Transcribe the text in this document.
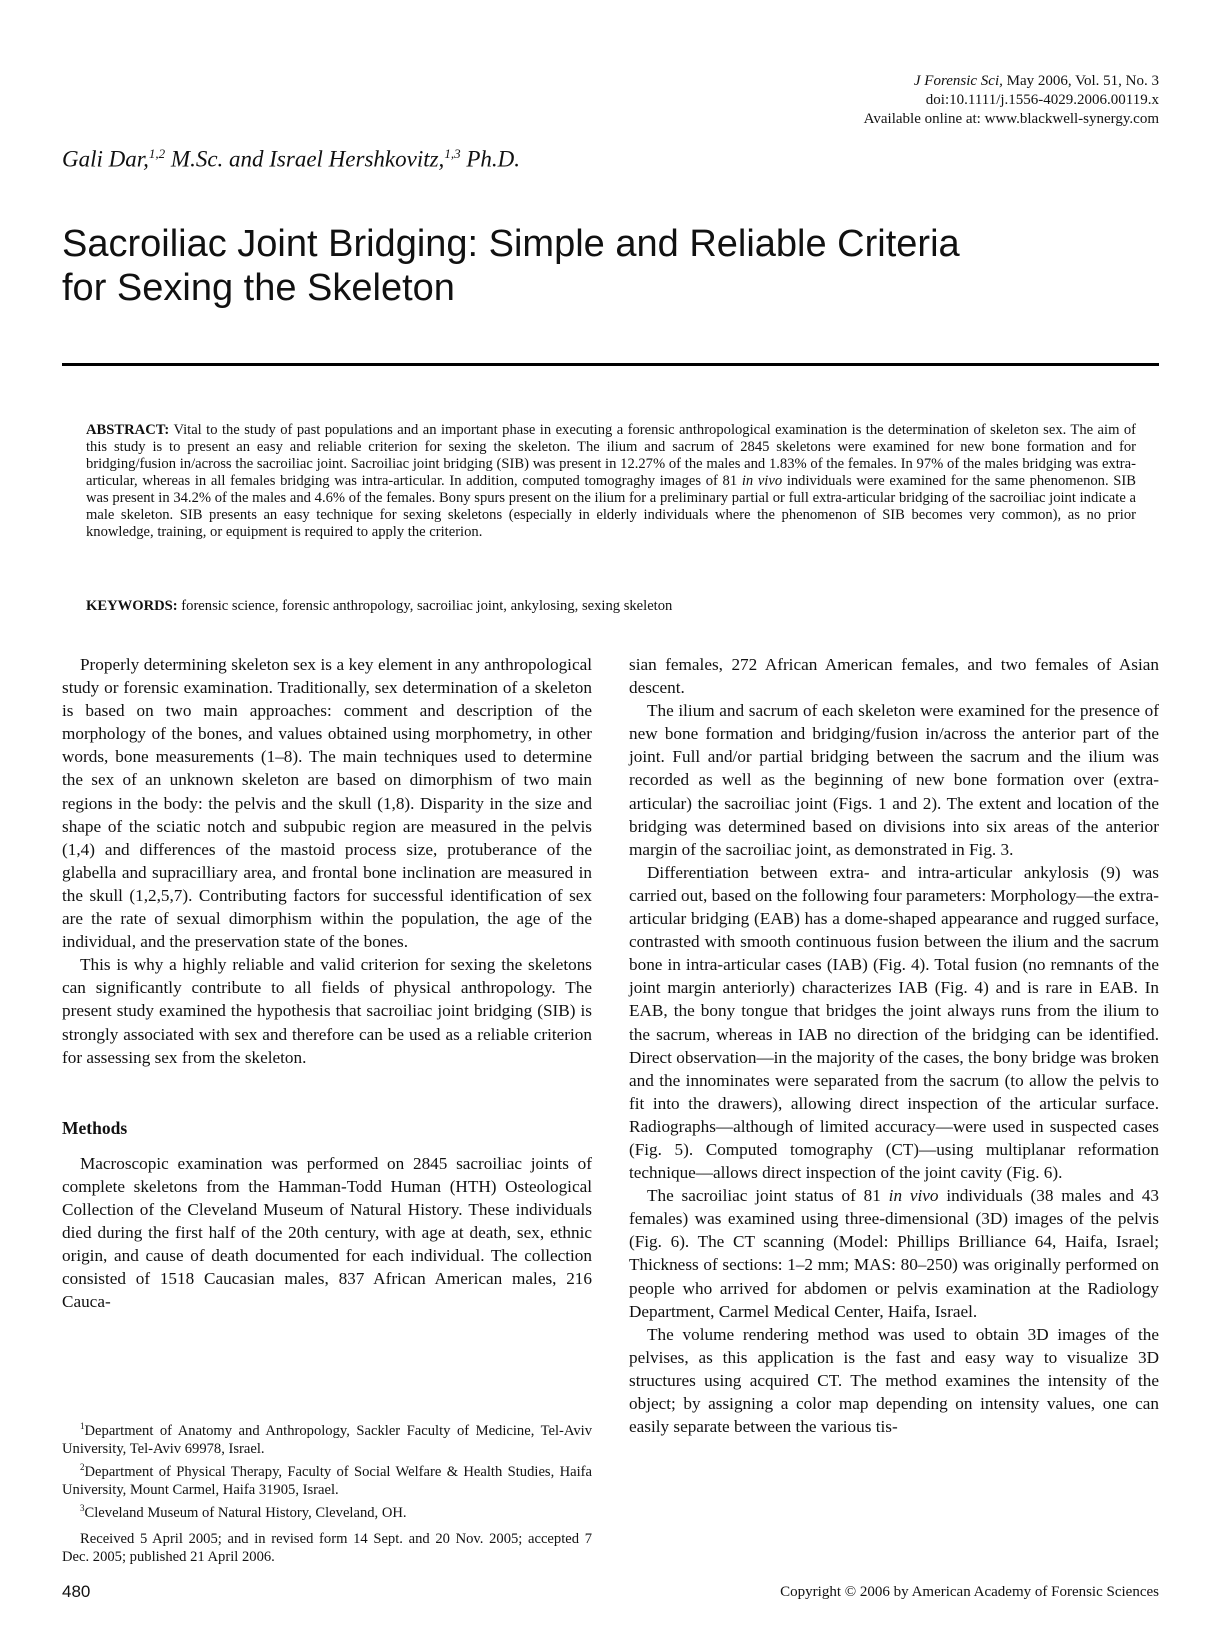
J Forensic Sci, May 2006, Vol. 51, No. 3
doi:10.1111/j.1556-4029.2006.00119.x
Available online at: www.blackwell-synergy.com
Gali Dar,$^{1,2}$ M.Sc. and Israel Hershkovitz,$^{1,3}$ Ph.D.
Sacroiliac Joint Bridging: Simple and Reliable Criteria for Sexing the Skeleton
ABSTRACT: Vital to the study of past populations and an important phase in executing a forensic anthropological examination is the determination of skeleton sex. The aim of this study is to present an easy and reliable criterion for sexing the skeleton. The ilium and sacrum of 2845 skeletons were examined for new bone formation and for bridging/fusion in/across the sacroiliac joint. Sacroiliac joint bridging (SIB) was present in 12.27% of the males and 1.83% of the females. In 97% of the males bridging was extra-articular, whereas in all females bridging was intra-articular. In addition, computed tomograghy images of 81 in vivo individuals were examined for the same phenomenon. SIB was present in 34.2% of the males and 4.6% of the females. Bony spurs present on the ilium for a preliminary partial or full extra-articular bridging of the sacroiliac joint indicate a male skeleton. SIB presents an easy technique for sexing skeletons (especially in elderly individuals where the phenomenon of SIB becomes very common), as no prior knowledge, training, or equipment is required to apply the criterion.
KEYWORDS: forensic science, forensic anthropology, sacroiliac joint, ankylosing, sexing skeleton

Properly determining skeleton sex is a key element in any anthropological study or forensic examination. Traditionally, sex determination of a skeleton is based on two main approaches: comment and description of the morphology of the bones, and values obtained using morphometry, in other words, bone measurements (1–8). The main techniques used to determine the sex of an unknown skeleton are based on dimorphism of two main regions in the body: the pelvis and the skull (1,8). Disparity in the size and shape of the sciatic notch and subpubic region are measured in the pelvis (1,4) and differences of the mastoid process size, protuberance of the glabella and supracilliary area, and frontal bone inclination are measured in the skull (1,2,5,7). Contributing factors for successful identification of sex are the rate of sexual dimorphism within the population, the age of the individual, and the preservation state of the bones.

This is why a highly reliable and valid criterion for sexing the skeletons can significantly contribute to all fields of physical anthropology. The present study examined the hypothesis that sacroiliac joint bridging (SIB) is strongly associated with sex and therefore can be used as a reliable criterion for assessing sex from the skeleton.

Methods

Macroscopic examination was performed on 2845 sacroiliac joints of complete skeletons from the Hamman-Todd Human (HTH) Osteological Collection of the Cleveland Museum of Natural History. These individuals died during the first half of the 20th century, with age at death, sex, ethnic origin, and cause of death documented for each individual. The collection consisted of 1518 Caucasian males, 837 African American males, 216 Cauca-

sian females, 272 African American females, and two females of Asian descent.

The ilium and sacrum of each skeleton were examined for the presence of new bone formation and bridging/fusion in/across the anterior part of the joint. Full and/or partial bridging between the sacrum and the ilium was recorded as well as the beginning of new bone formation over (extra-articular) the sacroiliac joint (Figs. 1 and 2). The extent and location of the bridging was determined based on divisions into six areas of the anterior margin of the sacroiliac joint, as demonstrated in Fig. 3.

Differentiation between extra- and intra-articular ankylosis (9) was carried out, based on the following four parameters: Morphology—the extra-articular bridging (EAB) has a dome-shaped appearance and rugged surface, contrasted with smooth continuous fusion between the ilium and the sacrum bone in intra-articular cases (IAB) (Fig. 4). Total fusion (no remnants of the joint margin anteriorly) characterizes IAB (Fig. 4) and is rare in EAB. In EAB, the bony tongue that bridges the joint always runs from the ilium to the sacrum, whereas in IAB no direction of the bridging can be identified. Direct observation—in the majority of the cases, the bony bridge was broken and the innominates were separated from the sacrum (to allow the pelvis to fit into the drawers), allowing direct inspection of the articular surface. Radiographs—although of limited accuracy—were used in suspected cases (Fig. 5). Computed tomography (CT)—using multiplanar reformation technique—allows direct inspection of the joint cavity (Fig. 6).

The sacroiliac joint status of 81 in vivo individuals (38 males and 43 females) was examined using three-dimensional (3D) images of the pelvis (Fig. 6). The CT scanning (Model: Phillips Brilliance 64, Haifa, Israel; Thickness of sections: 1–2 mm; MAS: 80–250) was originally performed on people who arrived for abdomen or pelvis examination at the Radiology Department, Carmel Medical Center, Haifa, Israel.

The volume rendering method was used to obtain 3D images of the pelvises, as this application is the fast and easy way to visualize 3D structures using acquired CT. The method examines the intensity of the object; by assigning a color map depending on intensity values, one can easily separate between the various tis-

$^1$Department of Anatomy and Anthropology, Sackler Faculty of Medicine, Tel-Aviv University, Tel-Aviv 69978, Israel.

$^2$Department of Physical Therapy, Faculty of Social Welfare & Health Studies, Haifa University, Mount Carmel, Haifa 31905, Israel.

$^3$Cleveland Museum of Natural History, Cleveland, OH.

Received 5 April 2005; and in revised form 14 Sept. and 20 Nov. 2005; accepted 7 Dec. 2005; published 21 April 2006.

480	Copyright © 2006 by American Academy of Forensic Sciences
